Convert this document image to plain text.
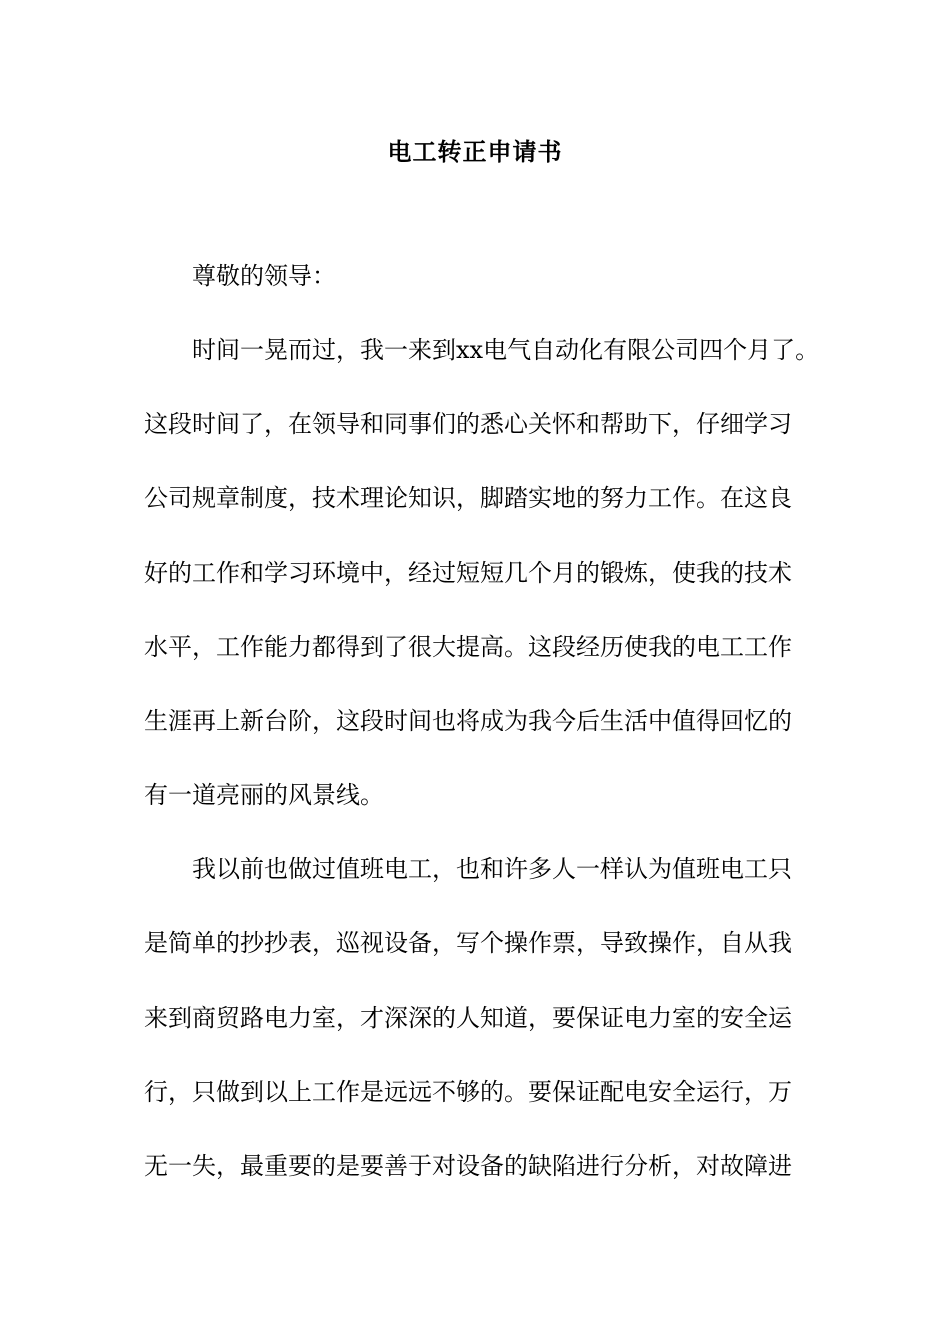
电工转正申请书
尊敬的领导：
时间一晃而过，我一来到xx电气自动化有限公司四个月了。
这段时间了，在领导和同事们的悉心关怀和帮助下，仔细学习
公司规章制度，技术理论知识，脚踏实地的努力工作。在这良
好的工作和学习环境中，经过短短几个月的锻炼，使我的技术
水平，工作能力都得到了很大提高。这段经历使我的电工工作
生涯再上新台阶，这段时间也将成为我今后生活中值得回忆的
有一道亮丽的风景线。
我以前也做过值班电工，也和许多人一样认为值班电工只
是简单的抄抄表，巡视设备，写个操作票，导致操作，自从我
来到商贸路电力室，才深深的人知道，要保证电力室的安全运
行，只做到以上工作是远远不够的。要保证配电安全运行，万
无一失，最重要的是要善于对设备的缺陷进行分析，对故障进
